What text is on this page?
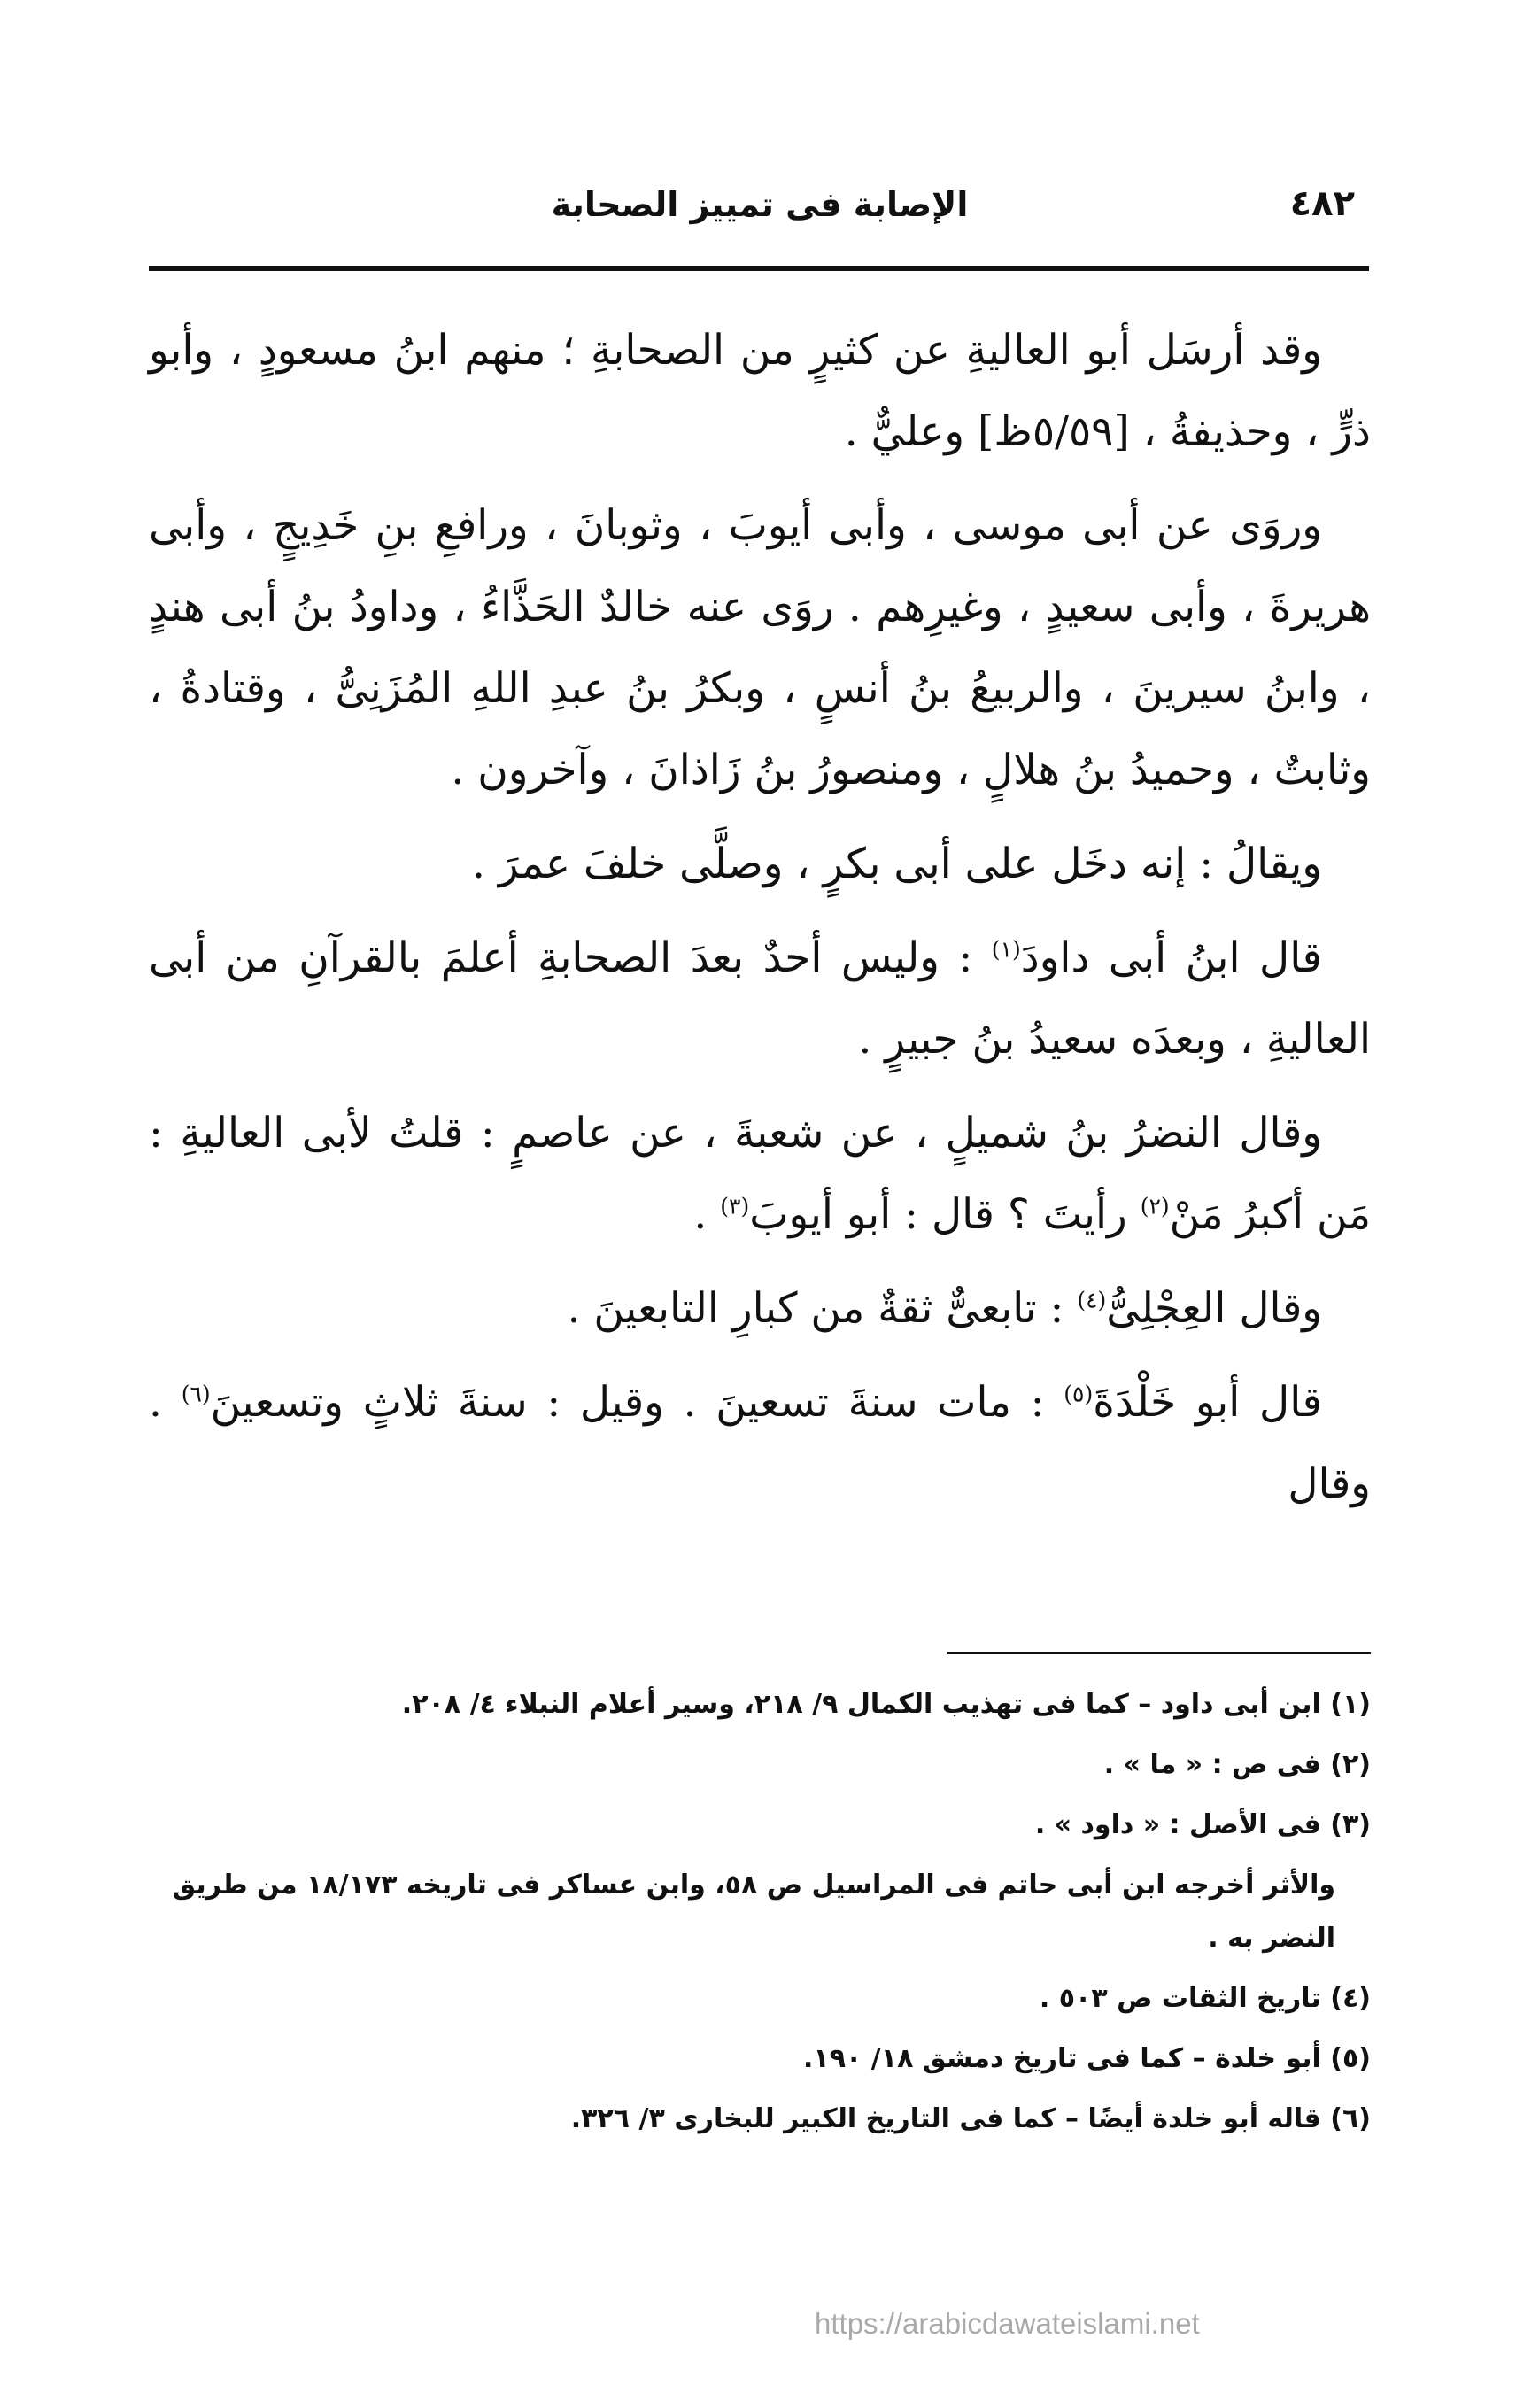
٤٨٢
الإصابة فى تمييز الصحابة

وقد أرسَل أبو العاليةِ عن كثيرٍ من الصحابةِ ؛ منهم ابنُ مسعودٍ ، وأبو ذرٍّ ، وحذيفةُ ، [٥/٥٩ظ] وعليٌّ .

وروَى عن أبى موسى ، وأبى أيوبَ ، وثوبانَ ، ورافعِ بنِ خَدِيجٍ ، وأبى هريرةَ ، وأبى سعيدٍ ، وغيرِهم . روَى عنه خالدٌ الحَذَّاءُ ، وداودُ بنُ أبى هندٍ ، وابنُ سيرينَ ، والربيعُ بنُ أنسٍ ، وبكرُ بنُ عبدِ اللهِ المُزَنِىُّ ، وقتادةُ ، وثابتٌ ، وحميدُ بنُ هلالٍ ، ومنصورُ بنُ زَاذانَ ، وآخرون .

ويقالُ : إنه دخَل على أبى بكرٍ ، وصلَّى خلفَ عمرَ .

قال ابنُ أبى داودَ$^{(١)}$ : وليس أحدٌ بعدَ الصحابةِ أعلمَ بالقرآنِ من أبى العاليةِ ، وبعدَه سعيدُ بنُ جبيرٍ .

وقال النضرُ بنُ شميلٍ ، عن شعبةَ ، عن عاصمٍ : قلتُ لأبى العاليةِ : مَن أكبرُ مَنْ$^{(٢)}$ رأيتَ ؟ قال : أبو أيوبَ$^{(٣)}$ .

وقال العِجْلِىُّ$^{(٤)}$ : تابعىٌّ ثقةٌ من كبارِ التابعينَ .

قال أبو خَلْدَةَ$^{(٥)}$ : مات سنةَ تسعينَ . وقيل : سنةَ ثلاثٍ وتسعينَ$^{(٦)}$ . وقال

(١) ابن أبى داود – كما فى تهذيب الكمال ٩/ ٢١٨، وسير أعلام النبلاء ٤/ ٢٠٨.
(٢) فى ص : « ما » .
(٣) فى الأصل : « داود » .
والأثر أخرجه ابن أبى حاتم فى المراسيل ص ٥٨، وابن عساكر فى تاريخه ١٨/١٧٣ من طريق النضر به .
(٤) تاريخ الثقات ص ٥٠٣ .
(٥) أبو خلدة – كما فى تاريخ دمشق ١٨/ ١٩٠.
(٦) قاله أبو خلدة أيضًا – كما فى التاريخ الكبير للبخارى ٣/ ٣٢٦.
https://arabicdawateislami.net
